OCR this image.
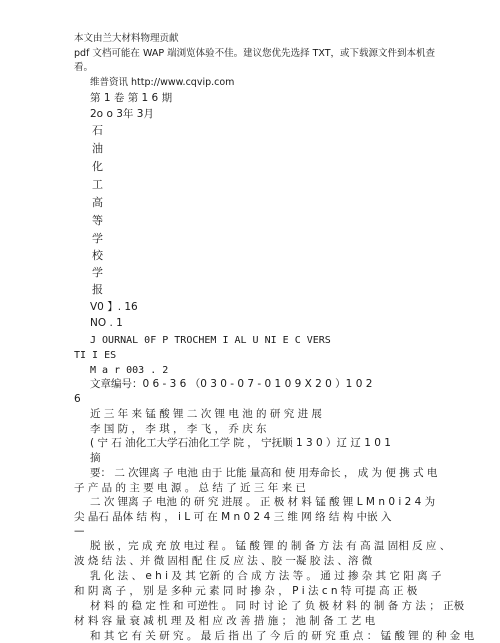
本文由兰大材料物理贡献
pdf 文档可能在 WAP 端浏览体验不佳。建议您优先选择 TXT，或下载源文件到本机查
看。
维普资讯 http://www.cqvip.com
第 1 卷 第 1 6 期
2o o 3年 3月
石
油
化
工
高
等
学
校
学
报
V0 】. 16
NO . 1
J OURNAL 0F P TROCHEM I AL U NI E C VERS
TI I ES
M a r 003 . 2
文章编号：0 6 - 3 6 （0 3 0 - 0 7 - 0 1 0 9 X 2 0 ）1 0 2
6
近 三 年 来 锰 酸 锂 二 次 锂 电 池 的 研 究 进 展
李 国 防 ， 李 琪 ， 李 飞 ， 乔 庆 东
( 宁 石 油化工大学石油化工学 院 ， 宁抚顺 1 3 0 ）辽 辽 1 0 1
摘
要： 二 次锂离 子 电池 由于 比能 量高和 使 用寿命长 ， 成 为 便 携 式 电
子 产 品 的 主 要 电 源 。 总 结 了 近 三 年 来 已
二 次 锂离 子 电池 的 研 究 进展 。 正 极 材 料 锰 酸 锂 L M n 0 i 2 4 为
尖 晶石 晶体 结 构 ， i L 可 在 M n 0 2 4 三 维 网 络 结 构 中嵌 入
—
脱 嵌 ，完 成 充 放 电过 程 。 锰 酸 锂 的 制 备 方 法 有 高 温 固相 反 应 、
波 烧 结 法 、并 微 固相 配 住 反 应 法 、胶 一凝 胶 法 、溶 微
乳 化 法 、 e h i 及 其 它新 的 合 成 方 法 等 。 通 过 掺 杂 其 它 阳 离 子
和 阴 离 子 ， 别 是 多种 元 素 同 时 掺 杂 ， P i 法 c n 特 可提 高 正 极
材 料 的 稳 定 性 和 可逆性 。 同 时 讨 论 了 负 极 材 料 的 制 备 方 法 ； 正极
材 料 容 量 衰 减 机 理 及 相 应 改 善 措 施 ； 池 制 备 工 艺 电
和 其 它 有 关 研 究 。 最 后 指 出 了 今 后 的 研 究 重 点 ： 锰 酸 锂 的 种 金 电
